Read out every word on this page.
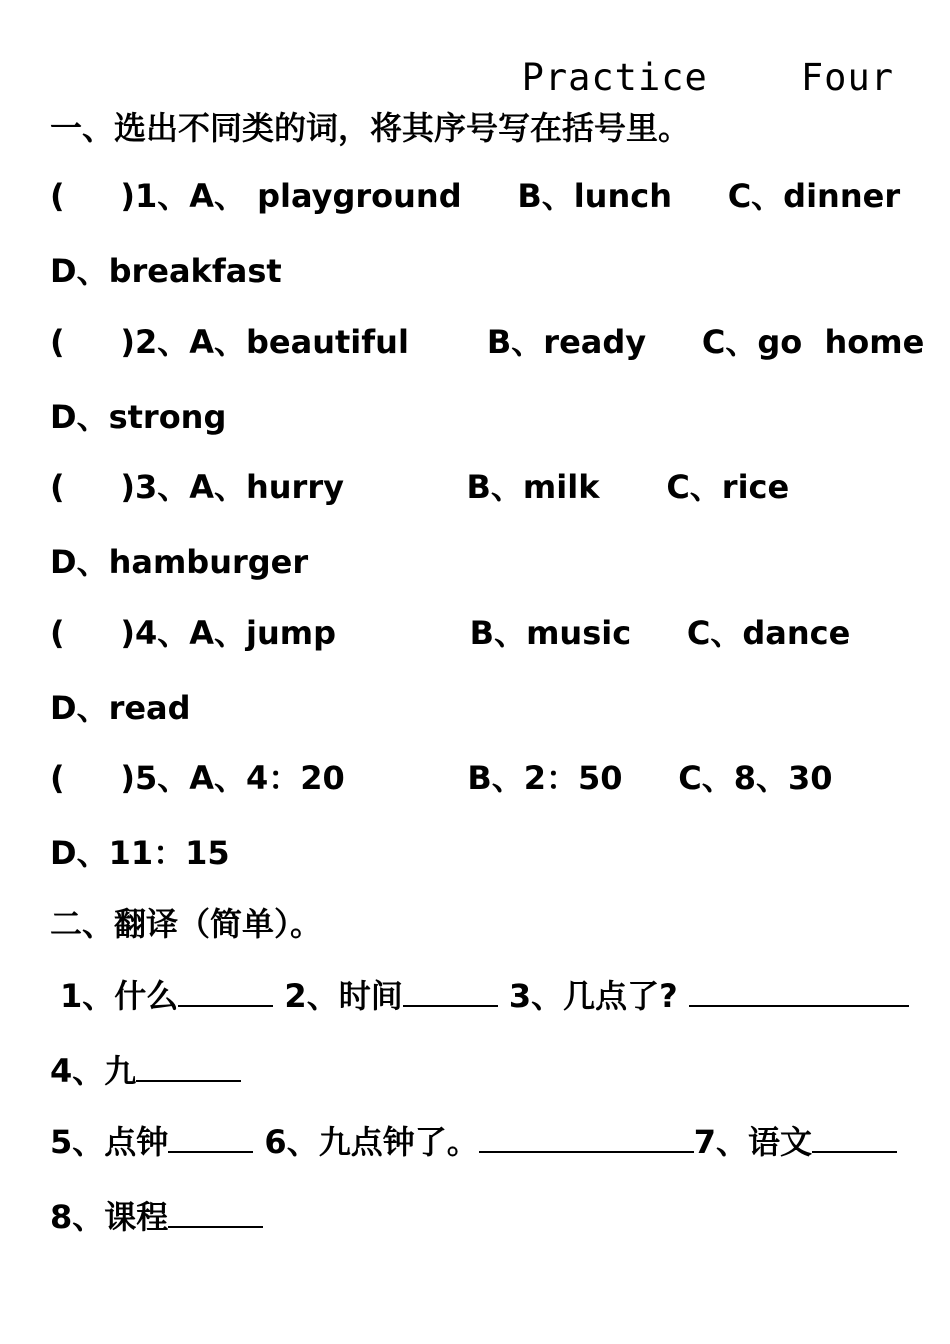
Practice    Four
一、选出不同类的词，将其序号写在括号里。
(     )1、A、 playground     B、lunch     C、dinner
D、breakfast
(     )2、A、beautiful       B、ready     C、go  home
D、strong
(     )3、A、hurry           B、milk      C、rice
D、hamburger
(     )4、A、jump            B、music     C、dance
D、read
(     )5、A、4：20           B、2：50     C、8、30
D、11：15
二、翻译（简单）。
1、什么	2、时间	3、几点了?
4、九
5、点钟	6、九点钟了。	7、语文
8、课程
